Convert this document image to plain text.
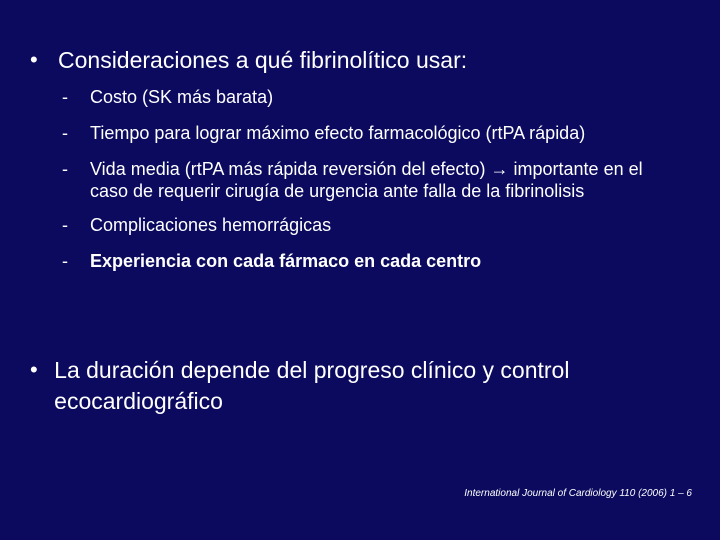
• Consideraciones a qué fibrinolítico usar:
-	Costo (SK más barata)
-	Tiempo para lograr máximo efecto farmacológico (rtPA rápida)
-	Vida media (rtPA más rápida reversión del efecto) → importante en el caso de requerir cirugía de urgencia ante falla de la fibrinolisis
-	Complicaciones hemorrágicas
-	Experiencia con cada fármaco en cada centro
• La duración depende del progreso clínico y control ecocardiográfico
International Journal of Cardiology 110 (2006) 1 – 6
